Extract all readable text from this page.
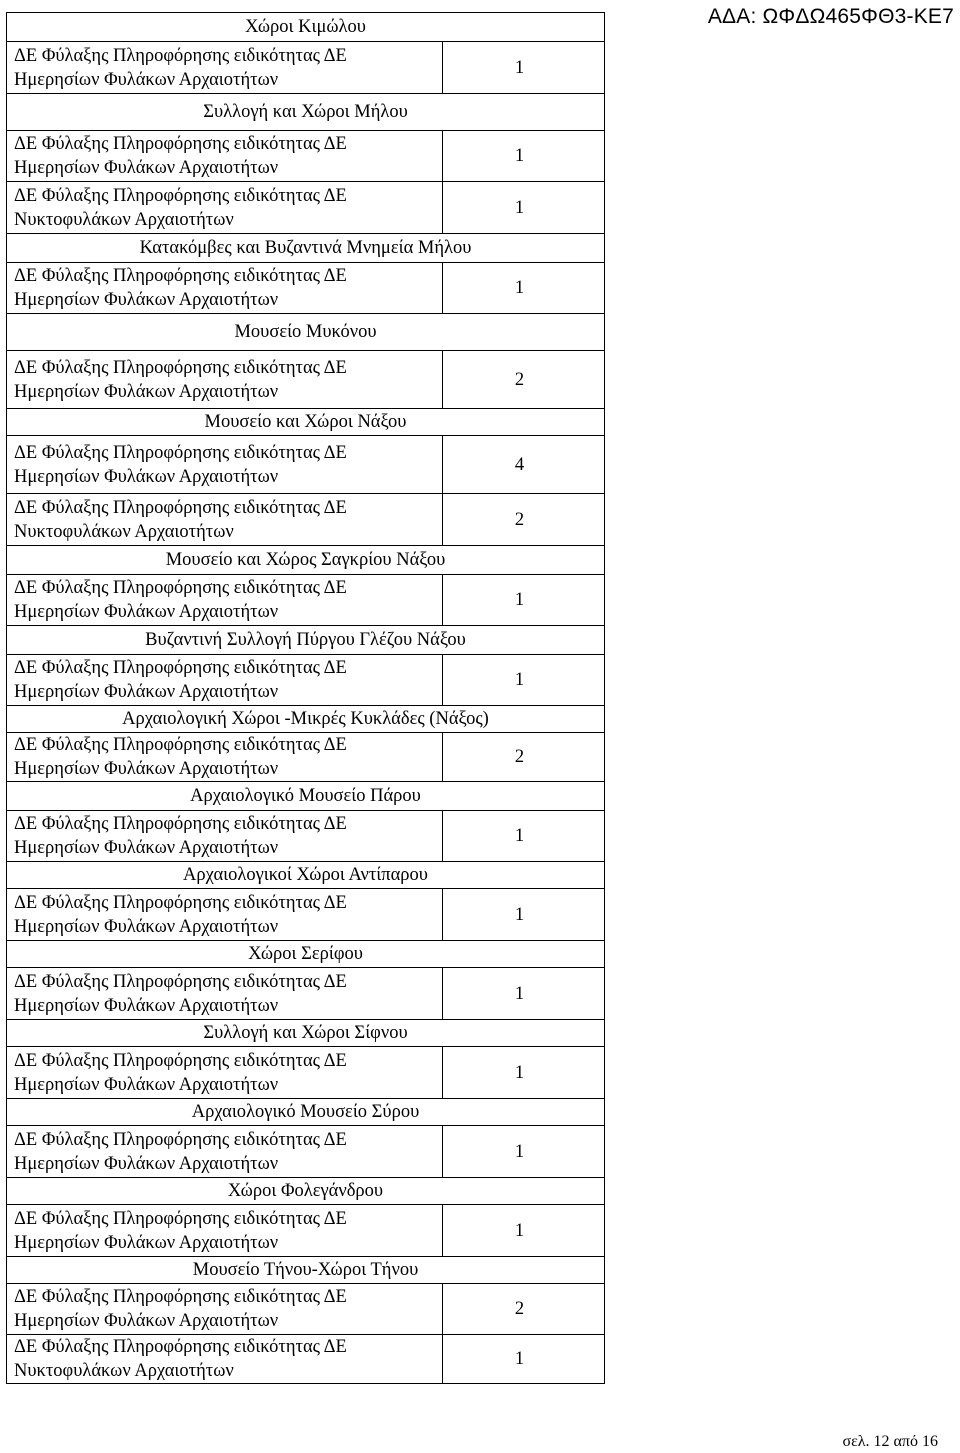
ΑΔΑ: ΩΦΔΩ465ΦΘ3-ΚΕ7
Χώροι Κιμώλου	

ΔΕ Φύλαξης Πληροφόρησης ειδικότητας ΔΕ
Ημερησίων Φυλάκων Αρχαιοτήτων	1
Συλλογή και Χώροι Μήλου	

ΔΕ Φύλαξης Πληροφόρησης ειδικότητας ΔΕ
Ημερησίων Φυλάκων Αρχαιοτήτων	1

ΔΕ Φύλαξης Πληροφόρησης ειδικότητας ΔΕ
Νυκτοφυλάκων Αρχαιοτήτων	1
Κατακόμβες και Βυζαντινά Μνημεία Μήλου	

ΔΕ Φύλαξης Πληροφόρησης ειδικότητας ΔΕ
Ημερησίων Φυλάκων Αρχαιοτήτων	1
Μουσείο Μυκόνου	

ΔΕ Φύλαξης Πληροφόρησης ειδικότητας ΔΕ
Ημερησίων Φυλάκων Αρχαιοτήτων	2
Μουσείο και Χώροι Νάξου	

ΔΕ Φύλαξης Πληροφόρησης ειδικότητας ΔΕ
Ημερησίων Φυλάκων Αρχαιοτήτων	4

ΔΕ Φύλαξης Πληροφόρησης ειδικότητας ΔΕ
Νυκτοφυλάκων Αρχαιοτήτων	2
Μουσείο και Χώρος Σαγκρίου Νάξου	

ΔΕ Φύλαξης Πληροφόρησης ειδικότητας ΔΕ
Ημερησίων Φυλάκων Αρχαιοτήτων	1
Βυζαντινή Συλλογή Πύργου Γλέζου Νάξου	

ΔΕ Φύλαξης Πληροφόρησης ειδικότητας ΔΕ
Ημερησίων Φυλάκων Αρχαιοτήτων	1
Αρχαιολογική Χώροι -Μικρές Κυκλάδες (Νάξος)	

ΔΕ Φύλαξης Πληροφόρησης ειδικότητας ΔΕ
Ημερησίων Φυλάκων Αρχαιοτήτων	2
Αρχαιολογικό Μουσείο Πάρου	

ΔΕ Φύλαξης Πληροφόρησης ειδικότητας ΔΕ
Ημερησίων Φυλάκων Αρχαιοτήτων	1
Αρχαιολογικοί Χώροι Αντίπαρου	

ΔΕ Φύλαξης Πληροφόρησης ειδικότητας ΔΕ
Ημερησίων Φυλάκων Αρχαιοτήτων	1
Χώροι Σερίφου	

ΔΕ Φύλαξης Πληροφόρησης ειδικότητας ΔΕ
Ημερησίων Φυλάκων Αρχαιοτήτων	1
Συλλογή και Χώροι Σίφνου	

ΔΕ Φύλαξης Πληροφόρησης ειδικότητας ΔΕ
Ημερησίων Φυλάκων Αρχαιοτήτων	1
Αρχαιολογικό Μουσείο Σύρου	

ΔΕ Φύλαξης Πληροφόρησης ειδικότητας ΔΕ
Ημερησίων Φυλάκων Αρχαιοτήτων	1
Χώροι Φολεγάνδρου	

ΔΕ Φύλαξης Πληροφόρησης ειδικότητας ΔΕ
Ημερησίων Φυλάκων Αρχαιοτήτων	1
Μουσείο Τήνου-Χώροι Τήνου	

ΔΕ Φύλαξης Πληροφόρησης ειδικότητας ΔΕ
Ημερησίων Φυλάκων Αρχαιοτήτων	2

ΔΕ Φύλαξης Πληροφόρησης ειδικότητας ΔΕ
Νυκτοφυλάκων Αρχαιοτήτων	1
σελ. 12 από 16
